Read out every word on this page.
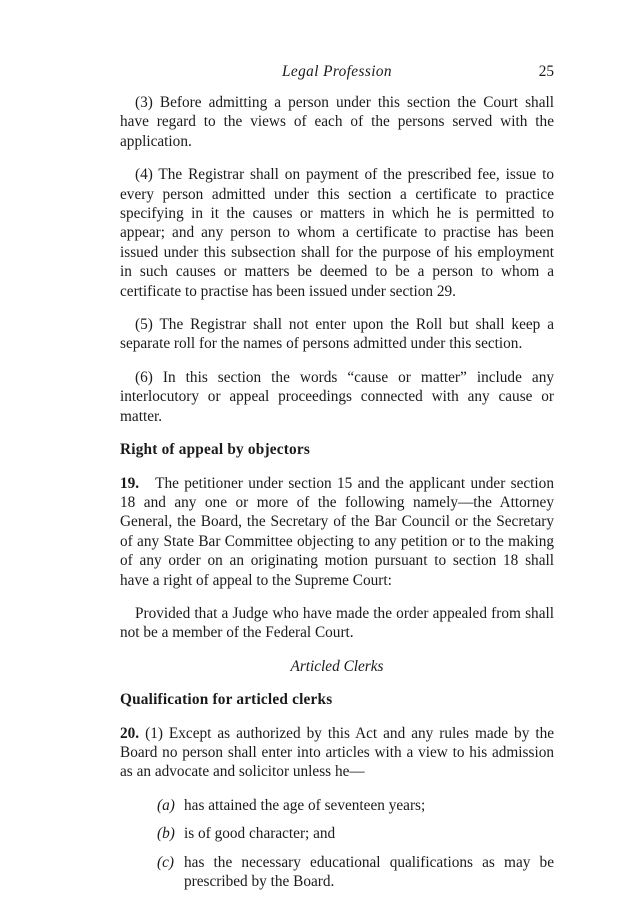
Legal Profession	25

(3) Before admitting a person under this section the Court shall have regard to the views of each of the persons served with the application.

(4) The Registrar shall on payment of the prescribed fee, issue to every person admitted under this section a certificate to practice specifying in it the causes or matters in which he is permitted to appear; and any person to whom a certificate to practise has been issued under this subsection shall for the purpose of his employment in such causes or matters be deemed to be a person to whom a certificate to practise has been issued under section 29.

(5) The Registrar shall not enter upon the Roll but shall keep a separate roll for the names of persons admitted under this section.

(6) In this section the words “cause or matter” include any interlocutory or appeal proceedings connected with any cause or matter.

Right of appeal by objectors

19. The petitioner under section 15 and the applicant under section 18 and any one or more of the following namely—the Attorney General, the Board, the Secretary of the Bar Council or the Secretary of any State Bar Committee objecting to any petition or to the making of any order on an originating motion pursuant to section 18 shall have a right of appeal to the Supreme Court:

Provided that a Judge who have made the order appealed from shall not be a member of the Federal Court.

Articled Clerks

Qualification for articled clerks

20. (1) Except as authorized by this Act and any rules made by the Board no person shall enter into articles with a view to his admission as an advocate and solicitor unless he—

(a) has attained the age of seventeen years;
(b) is of good character; and
(c) has the necessary educational qualifications as may be prescribed by the Board.
